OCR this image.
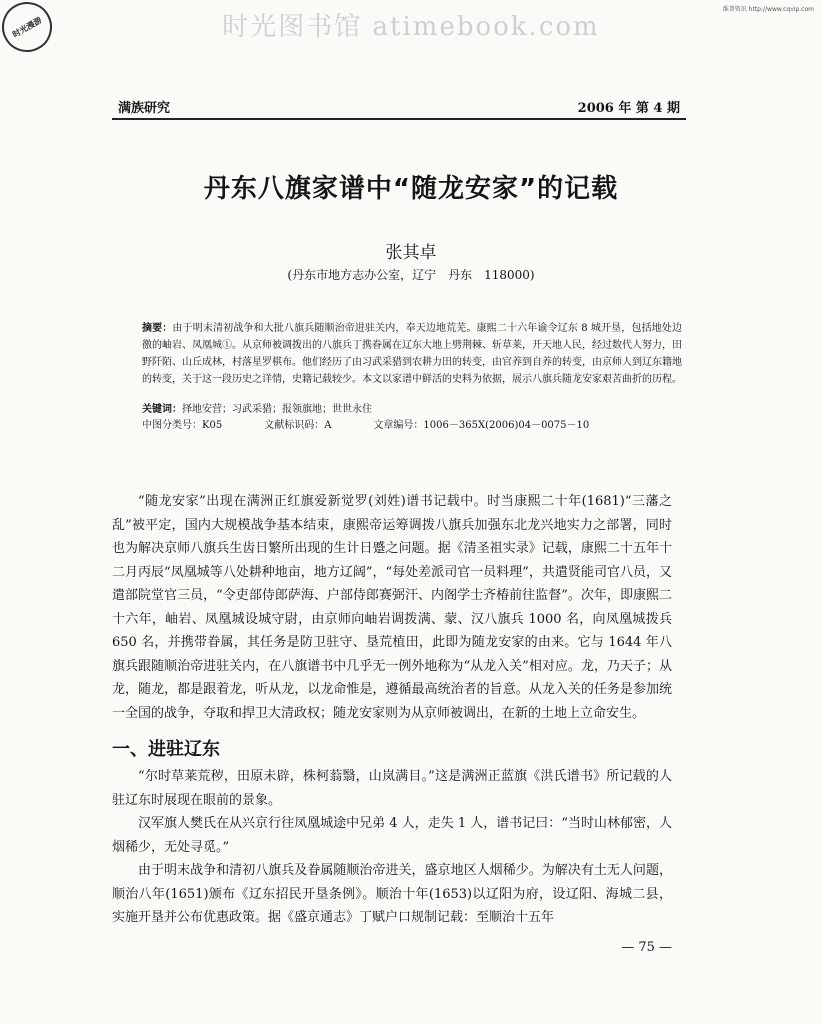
时光图书馆 atimebook.com
维普资讯 http://www.cqvip.com
时光漫游
满族研究	2006 年 第 4 期
丹东八旗家谱中“随龙安家”的记载
张其卓
(丹东市地方志办公室，辽宁　丹东　118000)
摘要：由于明末清初战争和大批八旗兵随顺治帝进驻关内，奉天边地荒芜。康熙二十六年谕令辽东 8 城开垦，包括地处边徼的岫岩、凤凰城①。从京师被调拨出的八旗兵丁携眷属在辽东大地上劈荆棘、斩草莱，开天地人民，经过数代人努力，田野阡陌、山丘成林，村落星罗棋布。他们经历了由习武采猎到农耕力田的转变，由官养到自养的转变，由京师人到辽东籍地的转变，关于这一段历史之详情，史籍记载较少。本文以家谱中鲜活的史料为依据，展示八旗兵随龙安家艰苦曲折的历程。
关键词：择地安营；习武采猎；报领旗地；世世永住
中图分类号：K05	文献标识码：A	文章编号：1006－365X(2006)04－0075－10

“随龙安家”出现在满洲正红旗爱新觉罗(刘姓)谱书记载中。时当康熙二十年(1681)“三藩之乱”被平定，国内大规模战争基本结束，康熙帝运筹调拨八旗兵加强东北龙兴地实力之部署，同时也为解决京师八旗兵生齿日繁所出现的生计日蹙之问题。据《清圣祖实录》记载，康熙二十五年十二月丙辰“凤凰城等八处耕种地亩，地方辽阔”，“每处差派司官一员料理”，共遣贤能司官八员，又遣部院堂官三员，“令吏部侍郎萨海、户部侍郎赛弼汗、内阁学士齐椿前往监督”。次年，即康熙二十六年，岫岩、凤凰城设城守尉，由京师向岫岩调拨满、蒙、汉八旗兵 1000 名，向凤凰城拨兵 650 名，并携带眷属，其任务是防卫驻守、垦荒植田，此即为随龙安家的由来。它与 1644 年八旗兵跟随顺治帝进驻关内，在八旗谱书中几乎无一例外地称为“从龙入关”相对应。龙，乃天子；从龙，随龙，都是跟着龙，听从龙，以龙命惟是，遵循最高统治者的旨意。从龙入关的任务是参加统一全国的战争，夺取和捍卫大清政权；随龙安家则为从京师被调出，在新的土地上立命安生。

一、进驻辽东

“尔时草莱荒秽，田原未辟，株柯蓊翳，山岚满目。”这是满洲正蓝旗《洪氏谱书》所记载的人驻辽东时展现在眼前的景象。

汉军旗人樊氏在从兴京行往凤凰城途中兄弟 4 人，走失 1 人，谱书记曰：“当时山林郁密，人烟稀少，无处寻觅。”

由于明末战争和清初八旗兵及眷属随顺治帝进关，盛京地区人烟稀少。为解决有土无人问题，顺治八年(1651)颁布《辽东招民开垦条例》。顺治十年(1653)以辽阳为府，设辽阳、海城二县，实施开垦并公布优惠政策。据《盛京通志》丁赋户口规制记载：至顺治十五年

— 75 —
